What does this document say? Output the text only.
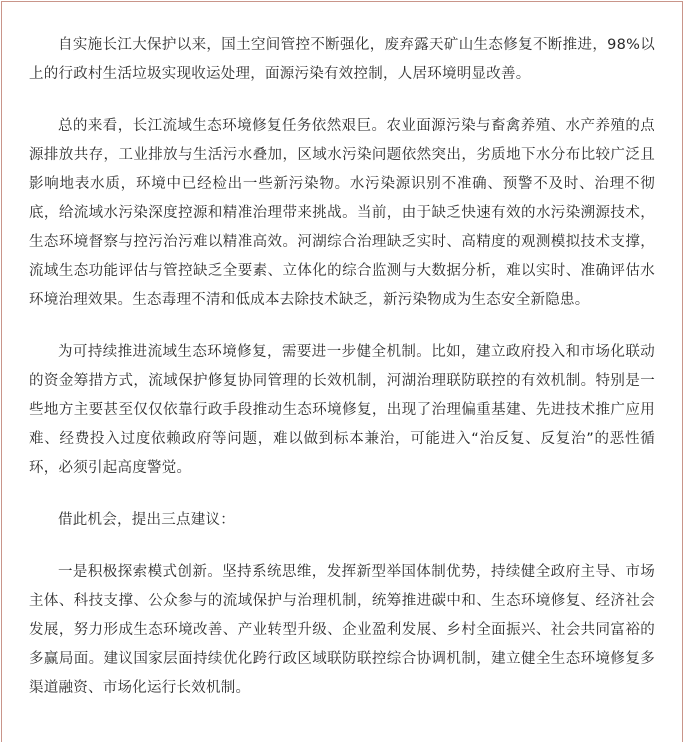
自实施长江大保护以来，国土空间管控不断强化，废弃露天矿山生态修复不断推进，98%以上的行政村生活垃圾实现收运处理，面源污染有效控制，人居环境明显改善。

总的来看，长江流域生态环境修复任务依然艰巨。农业面源污染与畜禽养殖、水产养殖的点源排放共存，工业排放与生活污水叠加，区域水污染问题依然突出，劣质地下水分布比较广泛且影响地表水质，环境中已经检出一些新污染物。水污染源识别不准确、预警不及时、治理不彻底，给流域水污染深度控源和精准治理带来挑战。当前，由于缺乏快速有效的水污染溯源技术，生态环境督察与控污治污难以精准高效。河湖综合治理缺乏实时、高精度的观测模拟技术支撑，流域生态功能评估与管控缺乏全要素、立体化的综合监测与大数据分析，难以实时、准确评估水环境治理效果。生态毒理不清和低成本去除技术缺乏，新污染物成为生态安全新隐患。

为可持续推进流域生态环境修复，需要进一步健全机制。比如，建立政府投入和市场化联动的资金筹措方式，流域保护修复协同管理的长效机制，河湖治理联防联控的有效机制。特别是一些地方主要甚至仅仅依靠行政手段推动生态环境修复，出现了治理偏重基建、先进技术推广应用难、经费投入过度依赖政府等问题，难以做到标本兼治，可能进入“治反复、反复治”的恶性循环，必须引起高度警觉。

借此机会，提出三点建议：

一是积极探索模式创新。坚持系统思维，发挥新型举国体制优势，持续健全政府主导、市场主体、科技支撑、公众参与的流域保护与治理机制，统筹推进碳中和、生态环境修复、经济社会发展，努力形成生态环境改善、产业转型升级、企业盈利发展、乡村全面振兴、社会共同富裕的多赢局面。建议国家层面持续优化跨行政区域联防联控综合协调机制，建立健全生态环境修复多渠道融资、市场化运行长效机制。
